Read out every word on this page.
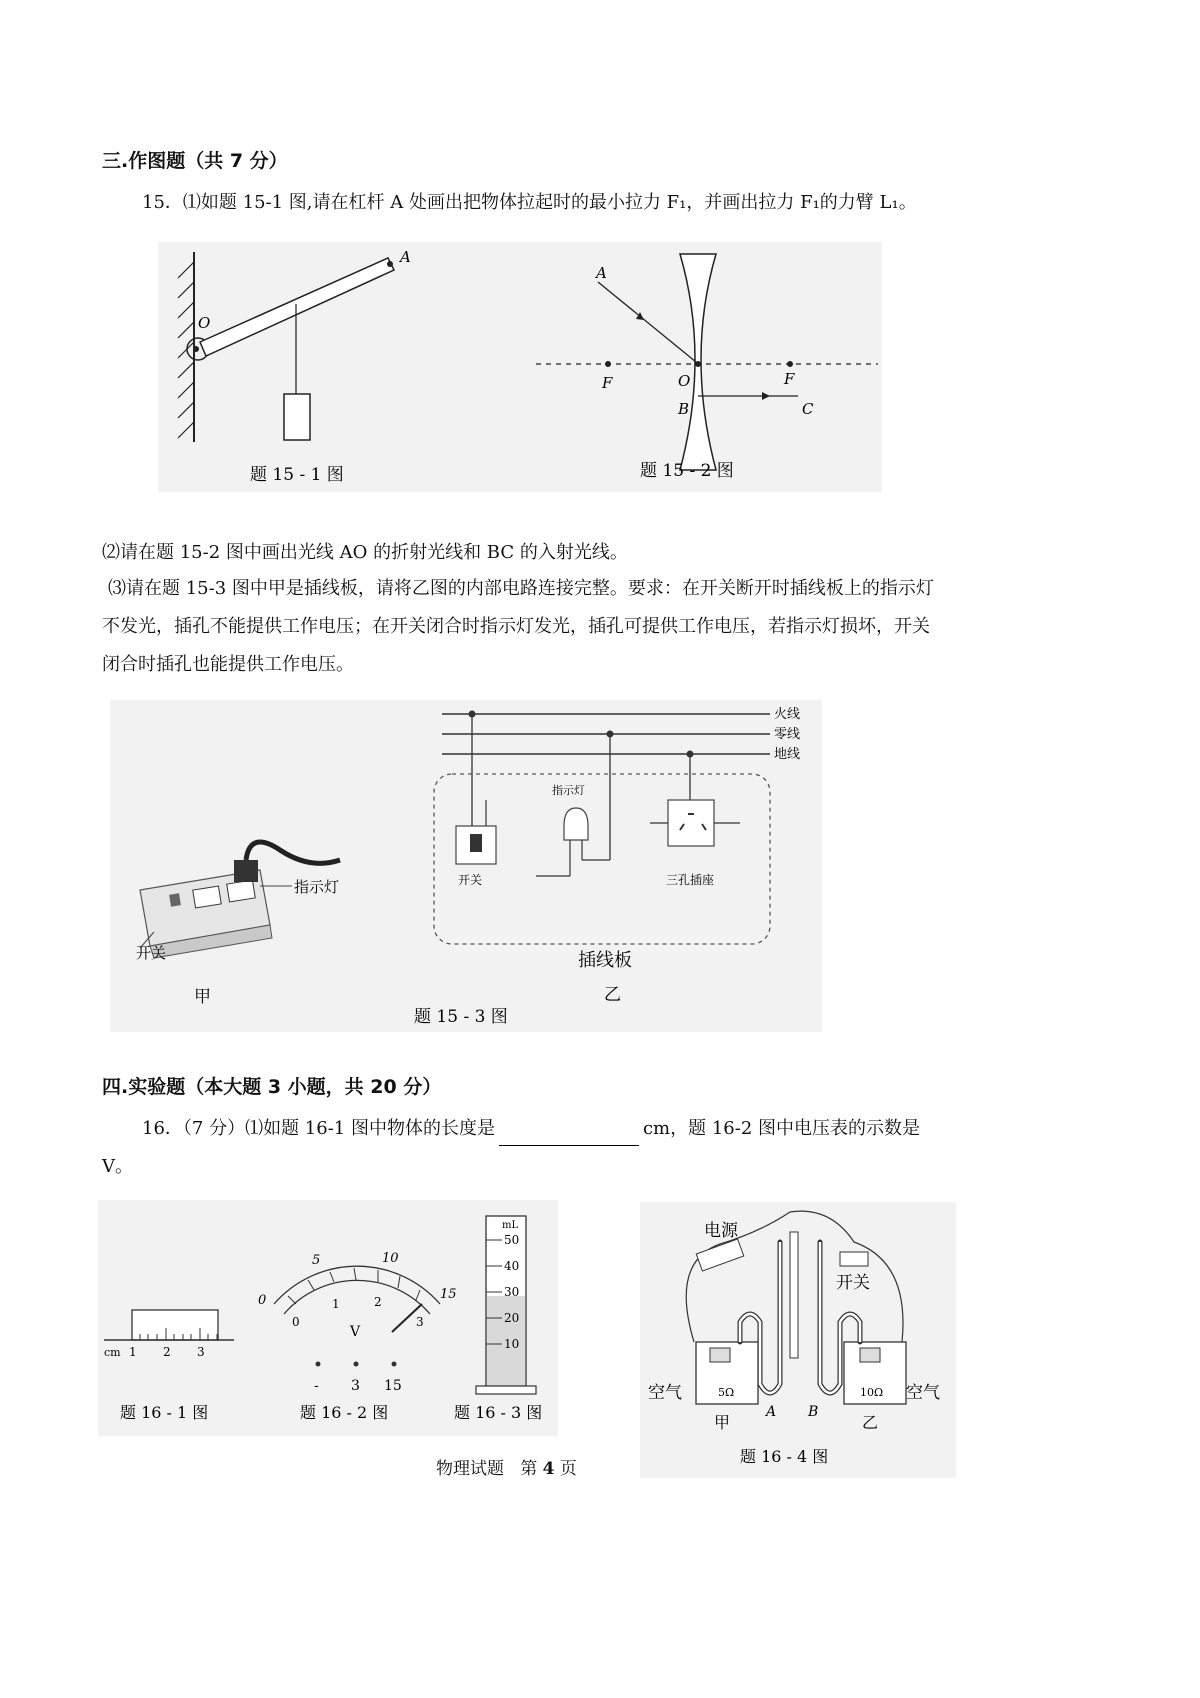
三.作图题（共 7 分）
15．⑴如题 15-1 图,请在杠杆 A 处画出把物体拉起时的最小拉力 F₁，并画出拉力 F₁的力臂 L₁。
O
A
题 15 - 1 图
A
F	O	F
B	C
题 15 - 2 图
⑵请在题 15-2 图中画出光线 AO 的折射光线和 BC 的入射光线。
⑶请在题 15-3 图中甲是插线板，请将乙图的内部电路连接完整。要求：在开关断开时插线板上的指示灯
不发光，插孔不能提供工作电压；在开关闭合时指示灯发光，插孔可提供工作电压，若指示灯损坏，开关
闭合时插孔也能提供工作电压。
指示灯
开关
甲
火线
零线
地线
开关
指示灯
三孔插座
插线板
乙
题 15 - 3 图
四.实验题（本大题 3 小题，共 20 分）
16．（7 分）⑴如题 16-1 图中物体的长度是	cm，题 16-2 图中电压表的示数是
V。
cm 1 2 3
题 16 - 1 图
0
5	10
15
0
1	2
3
V
- 3 15
题 16 - 2 图
mL
50
40
30
20
10
题 16 - 3 图
电源
开关
5Ω	10Ω
A B
空气	空气
甲	乙
题 16 - 4 图
物理试题 第 4 页
